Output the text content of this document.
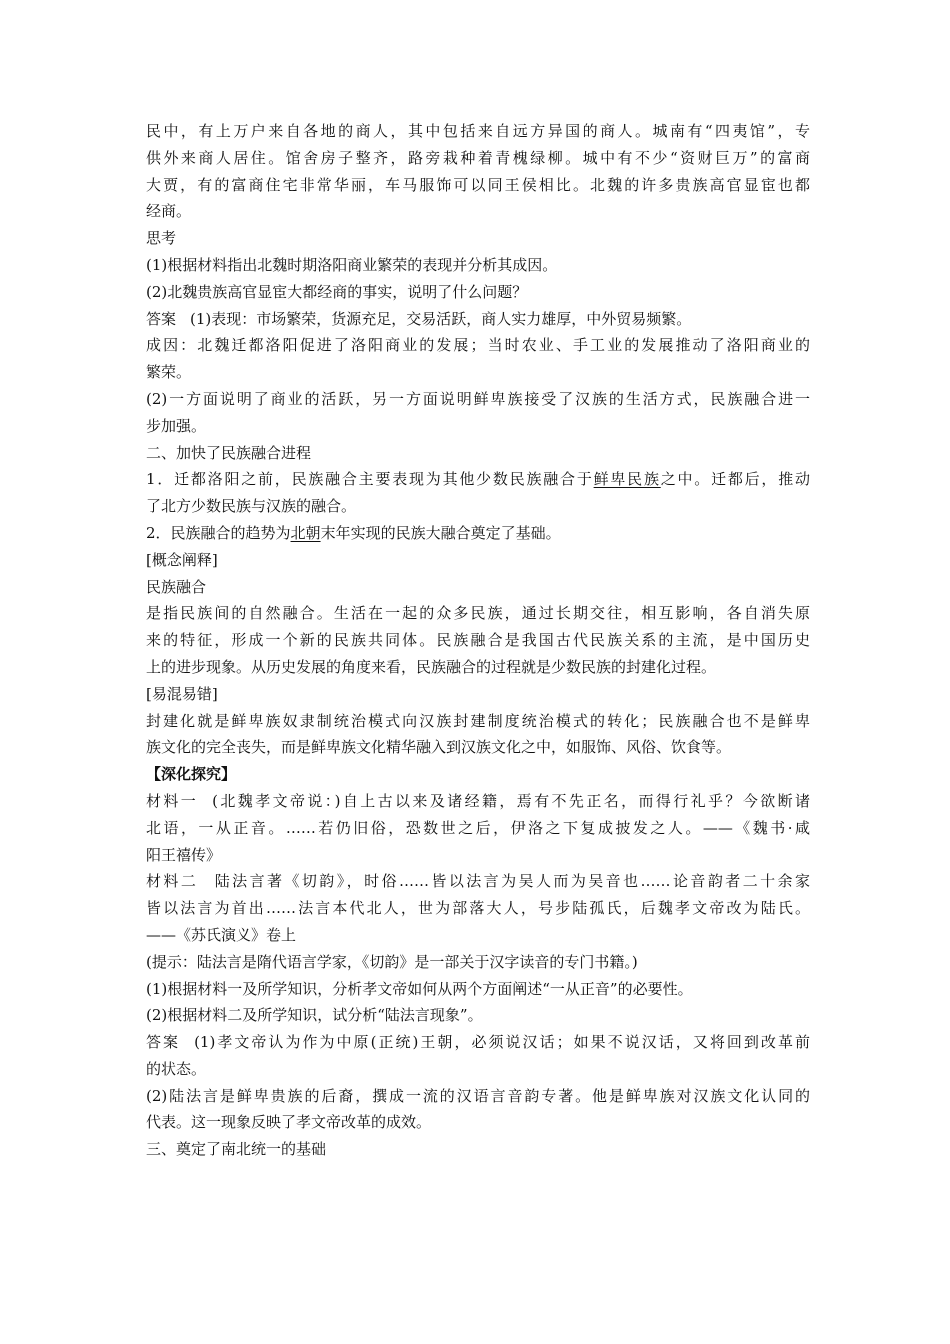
民中，有上万户来自各地的商人，其中包括来自远方异国的商人。城南有“四夷馆”，专
供外来商人居住。馆舍房子整齐，路旁栽种着青槐绿柳。城中有不少“资财巨万”的富商
大贾，有的富商住宅非常华丽，车马服饰可以同王侯相比。北魏的许多贵族高官显宦也都
经商。
思考
(1)根据材料指出北魏时期洛阳商业繁荣的表现并分析其成因。
(2)北魏贵族高官显宦大都经商的事实，说明了什么问题？
答案 (1)表现：市场繁荣，货源充足，交易活跃，商人实力雄厚，中外贸易频繁。
成因：北魏迁都洛阳促进了洛阳商业的发展；当时农业、手工业的发展推动了洛阳商业的
繁荣。
(2)一方面说明了商业的活跃，另一方面说明鲜卑族接受了汉族的生活方式，民族融合进一
步加强。
二、加快了民族融合进程
1．迁都洛阳之前，民族融合主要表现为其他少数民族融合于鲜卑民族之中。迁都后，推动
了北方少数民族与汉族的融合。
2．民族融合的趋势为北朝末年实现的民族大融合奠定了基础。
[概念阐释]
民族融合
是指民族间的自然融合。生活在一起的众多民族，通过长期交往，相互影响，各自消失原
来的特征，形成一个新的民族共同体。民族融合是我国古代民族关系的主流，是中国历史
上的进步现象。从历史发展的角度来看，民族融合的过程就是少数民族的封建化过程。
[易混易错]
封建化就是鲜卑族奴隶制统治模式向汉族封建制度统治模式的转化；民族融合也不是鲜卑
族文化的完全丧失，而是鲜卑族文化精华融入到汉族文化之中，如服饰、风俗、饮食等。
【深化探究】
材料一 (北魏孝文帝说：)自上古以来及诸经籍，焉有不先正名，而得行礼乎？今欲断诸
北语，一从正音。……若仍旧俗，恐数世之后，伊洛之下复成披发之人。——《魏书·咸
阳王禧传》
材料二 陆法言著《切韵》，时俗……皆以法言为吴人而为吴音也……论音韵者二十余家
皆以法言为首出……法言本代北人，世为部落大人，号步陆孤氏，后魏孝文帝改为陆氏。
——《苏氏演义》卷上
(提示：陆法言是隋代语言学家，《切韵》是一部关于汉字读音的专门书籍。)
(1)根据材料一及所学知识，分析孝文帝如何从两个方面阐述“一从正音”的必要性。
(2)根据材料二及所学知识，试分析“陆法言现象”。
答案 (1)孝文帝认为作为中原(正统)王朝，必须说汉话；如果不说汉话，又将回到改革前
的状态。
(2)陆法言是鲜卑贵族的后裔，撰成一流的汉语言音韵专著。他是鲜卑族对汉族文化认同的
代表。这一现象反映了孝文帝改革的成效。
三、奠定了南北统一的基础
